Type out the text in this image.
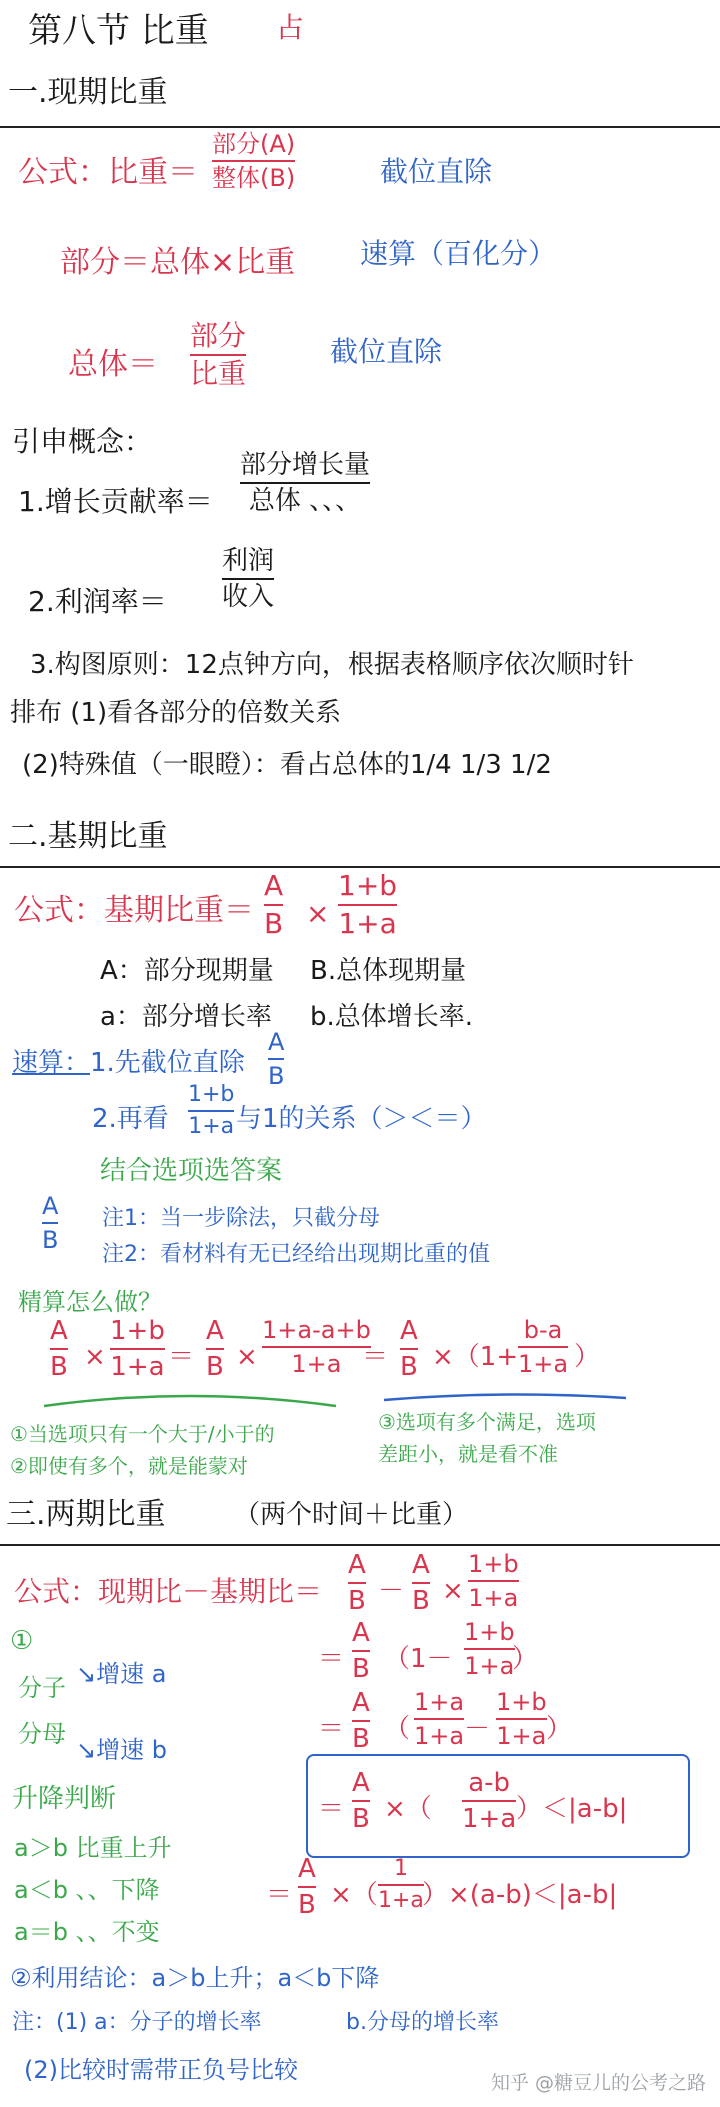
第八节 比重 占
一.现期比重
公式：比重＝
部分(A)
整体(B)	截位直除
部分＝总体×比重 速算（百化分）
总体＝
部分
比重
截位直除
引申概念：
1.增长贡献率＝
部分增长量
总体 、、、
2.利润率＝
利润
收入
3.构图原则：12点钟方向，根据表格顺序依次顺时针
排布 (1)看各部分的倍数关系
(2)特殊值（一眼瞪）：看占总体的1/4 1/3 1/2
二.基期比重
公式：基期比重＝
A
B ×
1+b
1+a
A：部分现期量 B.总体现期量
a：部分增长率 b.总体增长率.
速算： 1.先截位直除
A
B
2.再看
1+b
1+a 与1的关系（＞＜＝）
结合选项选答案
A
B
注1：当一步除法，只截分母
注2：看材料有无已经给出现期比重的值
精算怎么做？
A
B ×
1+b
1+a ＝
A
B ×
1+a-a+b
1+a ＝
A
B ×（1+
b-a
1+a ）
①当选项只有一个大于/小于的
②即使有多个，就是能蒙对
③选项有多个满足，选项
差距小，就是看不准
三.两期比重	（两个时间＋比重）
公式：现期比－基期比＝
A
B －
A
B ×
1+b
1+a
＝
A
B （1－
1+b
1+a
）
＝
A
B （
1+a
1+a －
1+b
1+a ）
＝
A
B ×（
a-b
1+a ）＜|a-b|
＝
A
B ×（
1
1+a
）×(a-b)＜|a-b|
①
分子 ↘增速 a
分母
↘增速 b
升降判断
a＞b 比重上升
a＜b 、、下降
a＝b 、、不变
②利用结论：a＞b上升；a＜b下降
注：(1) a：分子的增长率	b.分母的增长率
(2)比较时需带正负号比较	知乎 @糖豆儿的公考之路
